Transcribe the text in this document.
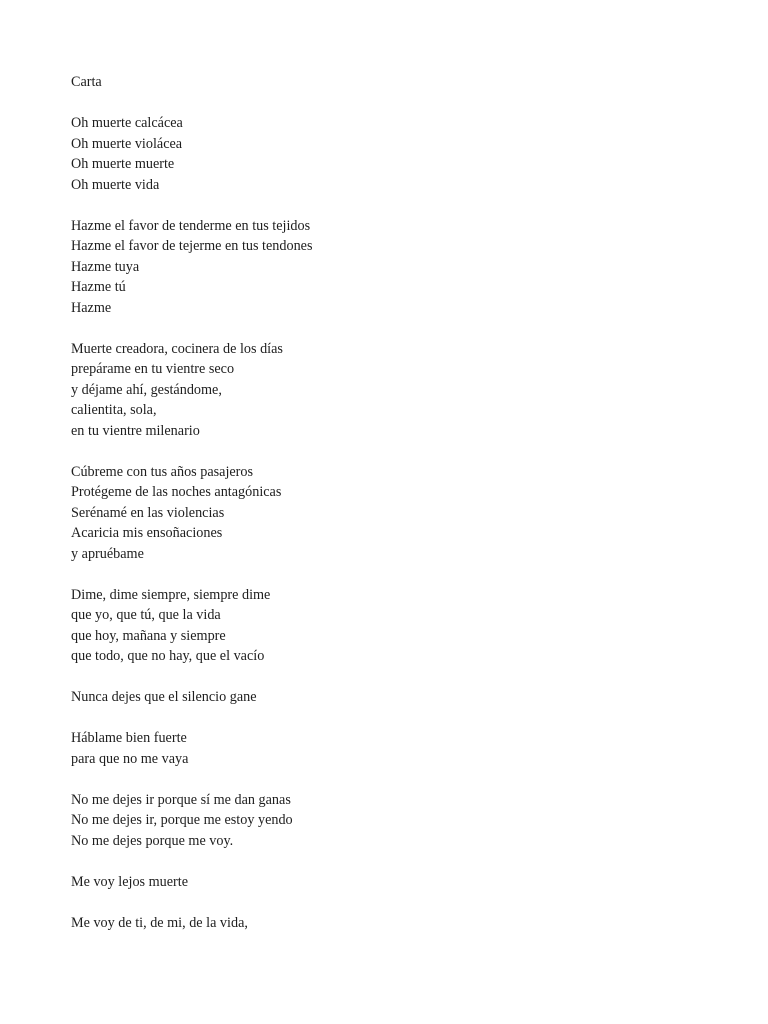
Carta
Oh muerte calcácea
Oh muerte violácea
Oh muerte muerte
Oh muerte vida
Hazme el favor de tenderme en tus tejidos
Hazme el favor de tejerme en tus tendones
Hazme tuya
Hazme tú
Hazme
Muerte creadora, cocinera de los días
prepárame en tu vientre seco
y déjame ahí, gestándome,
calientita, sola,
en tu vientre milenario
Cúbreme con tus años pasajeros
Protégeme de las noches antagónicas
Serénamé en las violencias
Acaricia mis ensoñaciones
y apruébame
Dime, dime siempre, siempre dime
que yo, que tú, que la vida
que hoy, mañana y siempre
que todo, que no hay, que el vacío
Nunca dejes que el silencio gane
Háblame bien fuerte
para que no me vaya
No me dejes ir porque sí me dan ganas
No me dejes ir, porque me estoy yendo
No me dejes porque me voy.
Me voy lejos muerte
Me voy de ti, de mi, de la vida,
